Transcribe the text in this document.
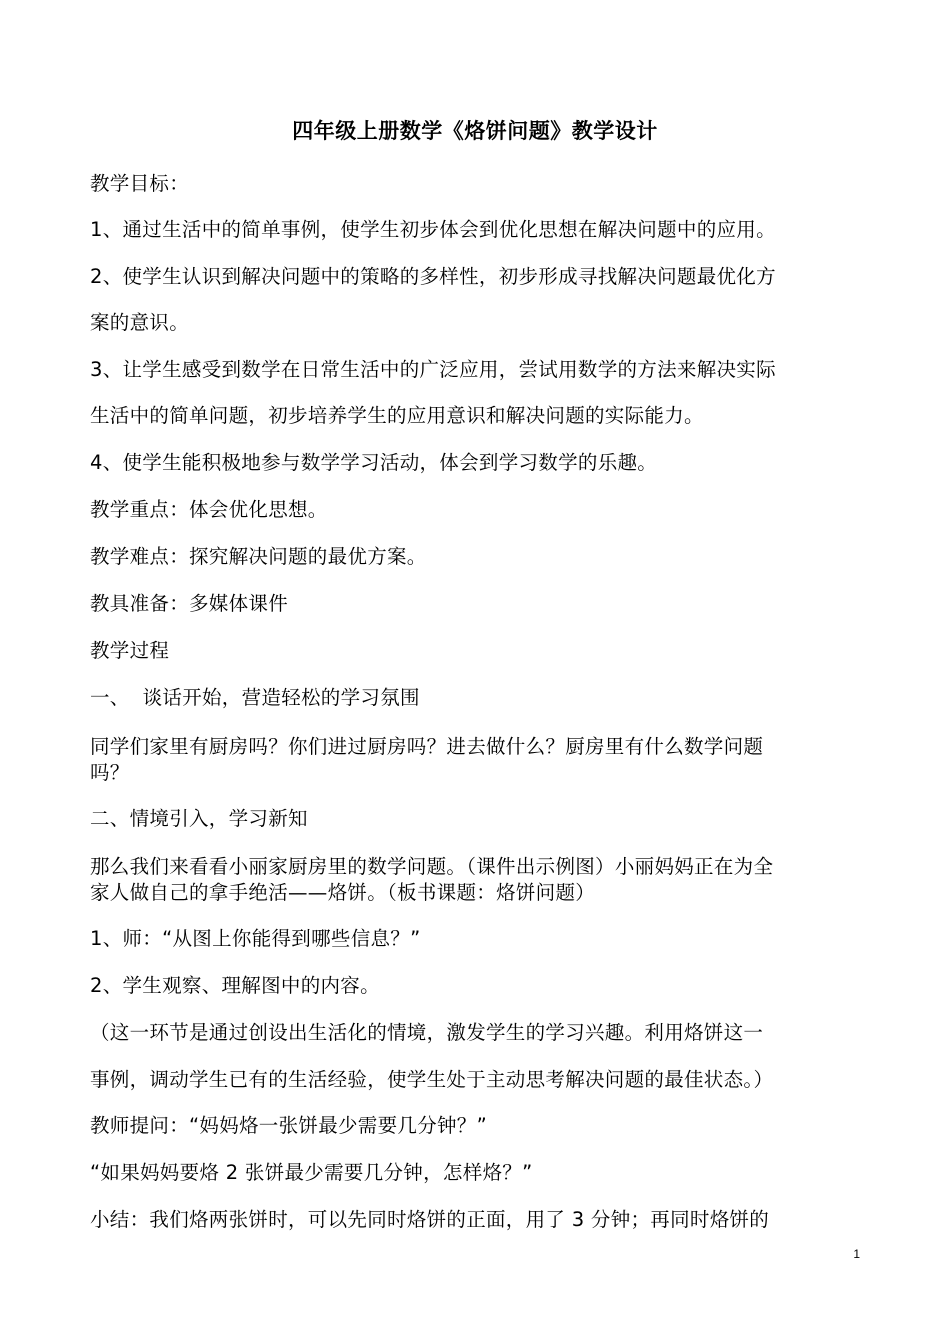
四年级上册数学《烙饼问题》教学设计
教学目标：
1、通过生活中的简单事例，使学生初步体会到优化思想在解决问题中的应用。
2、使学生认识到解决问题中的策略的多样性，初步形成寻找解决问题最优化方
案的意识。
3、让学生感受到数学在日常生活中的广泛应用，尝试用数学的方法来解决实际
生活中的简单问题，初步培养学生的应用意识和解决问题的实际能力。
4、使学生能积极地参与数学学习活动，体会到学习数学的乐趣。
教学重点：体会优化思想。
教学难点：探究解决问题的最优方案。
教具准备：多媒体课件
教学过程
一、  谈话开始，营造轻松的学习氛围
同学们家里有厨房吗？你们进过厨房吗？进去做什么？厨房里有什么数学问题
吗？
二、情境引入，学习新知
那么我们来看看小丽家厨房里的数学问题。（课件出示例图）小丽妈妈正在为全
家人做自己的拿手绝活——烙饼。（板书课题：烙饼问题）
1、师：“从图上你能得到哪些信息？”
2、学生观察、理解图中的内容。
（这一环节是通过创设出生活化的情境，激发学生的学习兴趣。利用烙饼这一
事例，调动学生已有的生活经验，使学生处于主动思考解决问题的最佳状态。）
教师提问：“妈妈烙一张饼最少需要几分钟？”
“如果妈妈要烙 2 张饼最少需要几分钟，怎样烙？”
小结：我们烙两张饼时，可以先同时烙饼的正面，用了 3 分钟；再同时烙饼的
1
